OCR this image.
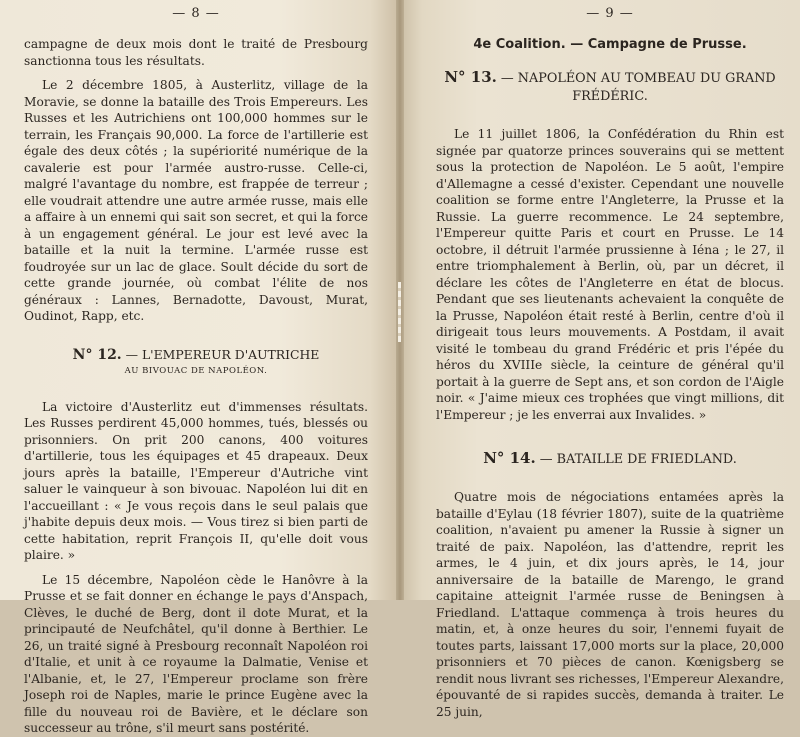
— 8 —

campagne de deux mois dont le traité de Presbourg sanctionna tous les résultats.

Le 2 décembre 1805, à Austerlitz, village de la Moravie, se donne la bataille des Trois Empereurs. Les Russes et les Autrichiens ont 100,000 hommes sur le terrain, les Français 90,000. La force de l'artillerie est égale des deux côtés ; la supériorité numérique de la cavalerie est pour l'armée austro-russe. Celle-ci, malgré l'avantage du nombre, est frappée de terreur ; elle voudrait attendre une autre armée russe, mais elle a affaire à un ennemi qui sait son secret, et qui la force à un engagement général. Le jour est levé avec la bataille et la nuit la termine. L'armée russe est foudroyée sur un lac de glace. Soult décide du sort de cette grande journée, où combat l'élite de nos généraux : Lannes, Bernadotte, Davoust, Murat, Oudinot, Rapp, etc.

N° 12. — L'EMPEREUR D'AUTRICHE
AU BIVOUAC DE NAPOLÉON.

La victoire d'Austerlitz eut d'immenses résultats. Les Russes perdirent 45,000 hommes, tués, blessés ou prisonniers. On prit 200 canons, 400 voitures d'artillerie, tous les équipages et 45 drapeaux. Deux jours après la bataille, l'Empereur d'Autriche vint saluer le vainqueur à son bivouac. Napoléon lui dit en l'accueillant : « Je vous reçois dans le seul palais que j'habite depuis deux mois. — Vous tirez si bien parti de cette habitation, reprit François II, qu'elle doit vous plaire. »

Le 15 décembre, Napoléon cède le Hanôvre à la Prusse et se fait donner en échange le pays d'Anspach, Clèves, le duché de Berg, dont il dote Murat, et la principauté de Neufchâtel, qu'il donne à Berthier. Le 26, un traité signé à Presbourg reconnaît Napoléon roi d'Italie, et unit à ce royaume la Dalmatie, Venise et l'Albanie, et, le 27, l'Empereur proclame son frère Joseph roi de Naples, marie le prince Eugène avec la fille du nouveau roi de Bavière, et le déclare son successeur au trône, s'il meurt sans postérité.

— 9 —
4e Coalition. — Campagne de Prusse.
N° 13. — NAPOLÉON AU TOMBEAU DU GRAND FRÉDÉRIC.

Le 11 juillet 1806, la Confédération du Rhin est signée par quatorze princes souverains qui se mettent sous la protection de Napoléon. Le 5 août, l'empire d'Allemagne a cessé d'exister. Cependant une nouvelle coalition se forme entre l'Angleterre, la Prusse et la Russie. La guerre recommence. Le 24 septembre, l'Empereur quitte Paris et court en Prusse. Le 14 octobre, il détruit l'armée prussienne à Iéna ; le 27, il entre triomphalement à Berlin, où, par un décret, il déclare les côtes de l'Angleterre en état de blocus. Pendant que ses lieutenants achevaient la conquête de la Prusse, Napoléon était resté à Berlin, centre d'où il dirigeait tous leurs mouvements. A Postdam, il avait visité le tombeau du grand Frédéric et pris l'épée du héros du XVIIIe siècle, la ceinture de général qu'il portait à la guerre de Sept ans, et son cordon de l'Aigle noir. « J'aime mieux ces trophées que vingt millions, dit l'Empereur ; je les enverrai aux Invalides. »

N° 14. — BATAILLE DE FRIEDLAND.

Quatre mois de négociations entamées après la bataille d'Eylau (18 février 1807), suite de la quatrième coalition, n'avaient pu amener la Russie à signer un traité de paix. Napoléon, las d'attendre, reprit les armes, le 4 juin, et dix jours après, le 14, jour anniversaire de la bataille de Marengo, le grand capitaine atteignit l'armée russe de Beningsen à Friedland. L'attaque commença à trois heures du matin, et, à onze heures du soir, l'ennemi fuyait de toutes parts, laissant 17,000 morts sur la place, 20,000 prisonniers et 70 pièces de canon. Kœnigsberg se rendit nous livrant ses richesses, l'Empereur Alexandre, épouvanté de si rapides succès, demanda à traiter. Le 25 juin,
